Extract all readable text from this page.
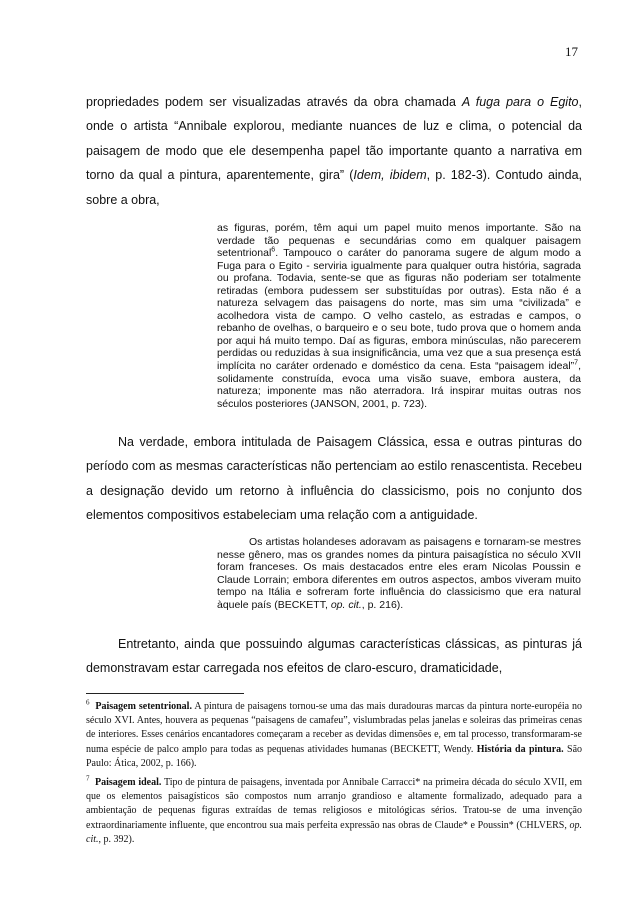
17

propriedades podem ser visualizadas através da obra chamada A fuga para o Egito, onde o artista “Annibale explorou, mediante nuances de luz e clima, o potencial da paisagem de modo que ele desempenha papel tão importante quanto a narrativa em torno da qual a pintura, aparentemente, gira” (Idem, ibidem, p. 182-3). Contudo ainda, sobre a obra,

as figuras, porém, têm aqui um papel muito menos importante. São na verdade tão pequenas e secundárias como em qualquer paisagem setentrional$^6$. Tampouco o caráter do panorama sugere de algum modo a Fuga para o Egito - serviria igualmente para qualquer outra história, sagrada ou profana. Todavia, sente-se que as figuras não poderiam ser totalmente retiradas (embora pudessem ser substituídas por outras). Esta não é a natureza selvagem das paisagens do norte, mas sim uma “civilizada” e acolhedora vista de campo. O velho castelo, as estradas e campos, o rebanho de ovelhas, o barqueiro e o seu bote, tudo prova que o homem anda por aqui há muito tempo. Daí as figuras, embora minúsculas, não parecerem perdidas ou reduzidas à sua insignificância, uma vez que a sua presença está implícita no caráter ordenado e doméstico da cena. Esta “paisagem ideal”$^7$, solidamente construída, evoca uma visão suave, embora austera, da natureza; imponente mas não aterradora. Irá inspirar muitas outras nos séculos posteriores (JANSON, 2001, p. 723).

Na verdade, embora intitulada de Paisagem Clássica, essa e outras pinturas do período com as mesmas características não pertenciam ao estilo renascentista. Recebeu a designação devido um retorno à influência do classicismo, pois no conjunto dos elementos compositivos estabeleciam uma relação com a antiguidade.

Os artistas holandeses adoravam as paisagens e tornaram-se mestres nesse gênero, mas os grandes nomes da pintura paisagística no século XVII foram franceses. Os mais destacados entre eles eram Nicolas Poussin e Claude Lorrain; embora diferentes em outros aspectos, ambos viveram muito tempo na Itália e sofreram forte influência do classicismo que era natural àquele país (BECKETT, op. cit., p. 216).

Entretanto, ainda que possuindo algumas características clássicas, as pinturas já demonstravam estar carregada nos efeitos de claro-escuro, dramaticidade,

$^6$ Paisagem setentrional. A pintura de paisagens tornou-se uma das mais duradouras marcas da pintura norte-européia no século XVI. Antes, houvera as pequenas “paisagens de camafeu”, vislumbradas pelas janelas e soleiras das primeiras cenas de interiores. Esses cenários encantadores começaram a receber as devidas dimensões e, em tal processo, transformaram-se numa espécie de palco amplo para todas as pequenas atividades humanas (BECKETT, Wendy. História da pintura. São Paulo: Ática, 2002, p. 166).

$^7$ Paisagem ideal. Tipo de pintura de paisagens, inventada por Annibale Carracci* na primeira década do século XVII, em que os elementos paisagísticos são compostos num arranjo grandioso e altamente formalizado, adequado para a ambientação de pequenas figuras extraídas de temas religiosos e mitológicas sérios. Tratou-se de uma invenção extraordinariamente influente, que encontrou sua mais perfeita expressão nas obras de Claude* e Poussin* (CHLVERS, op. cit., p. 392).
